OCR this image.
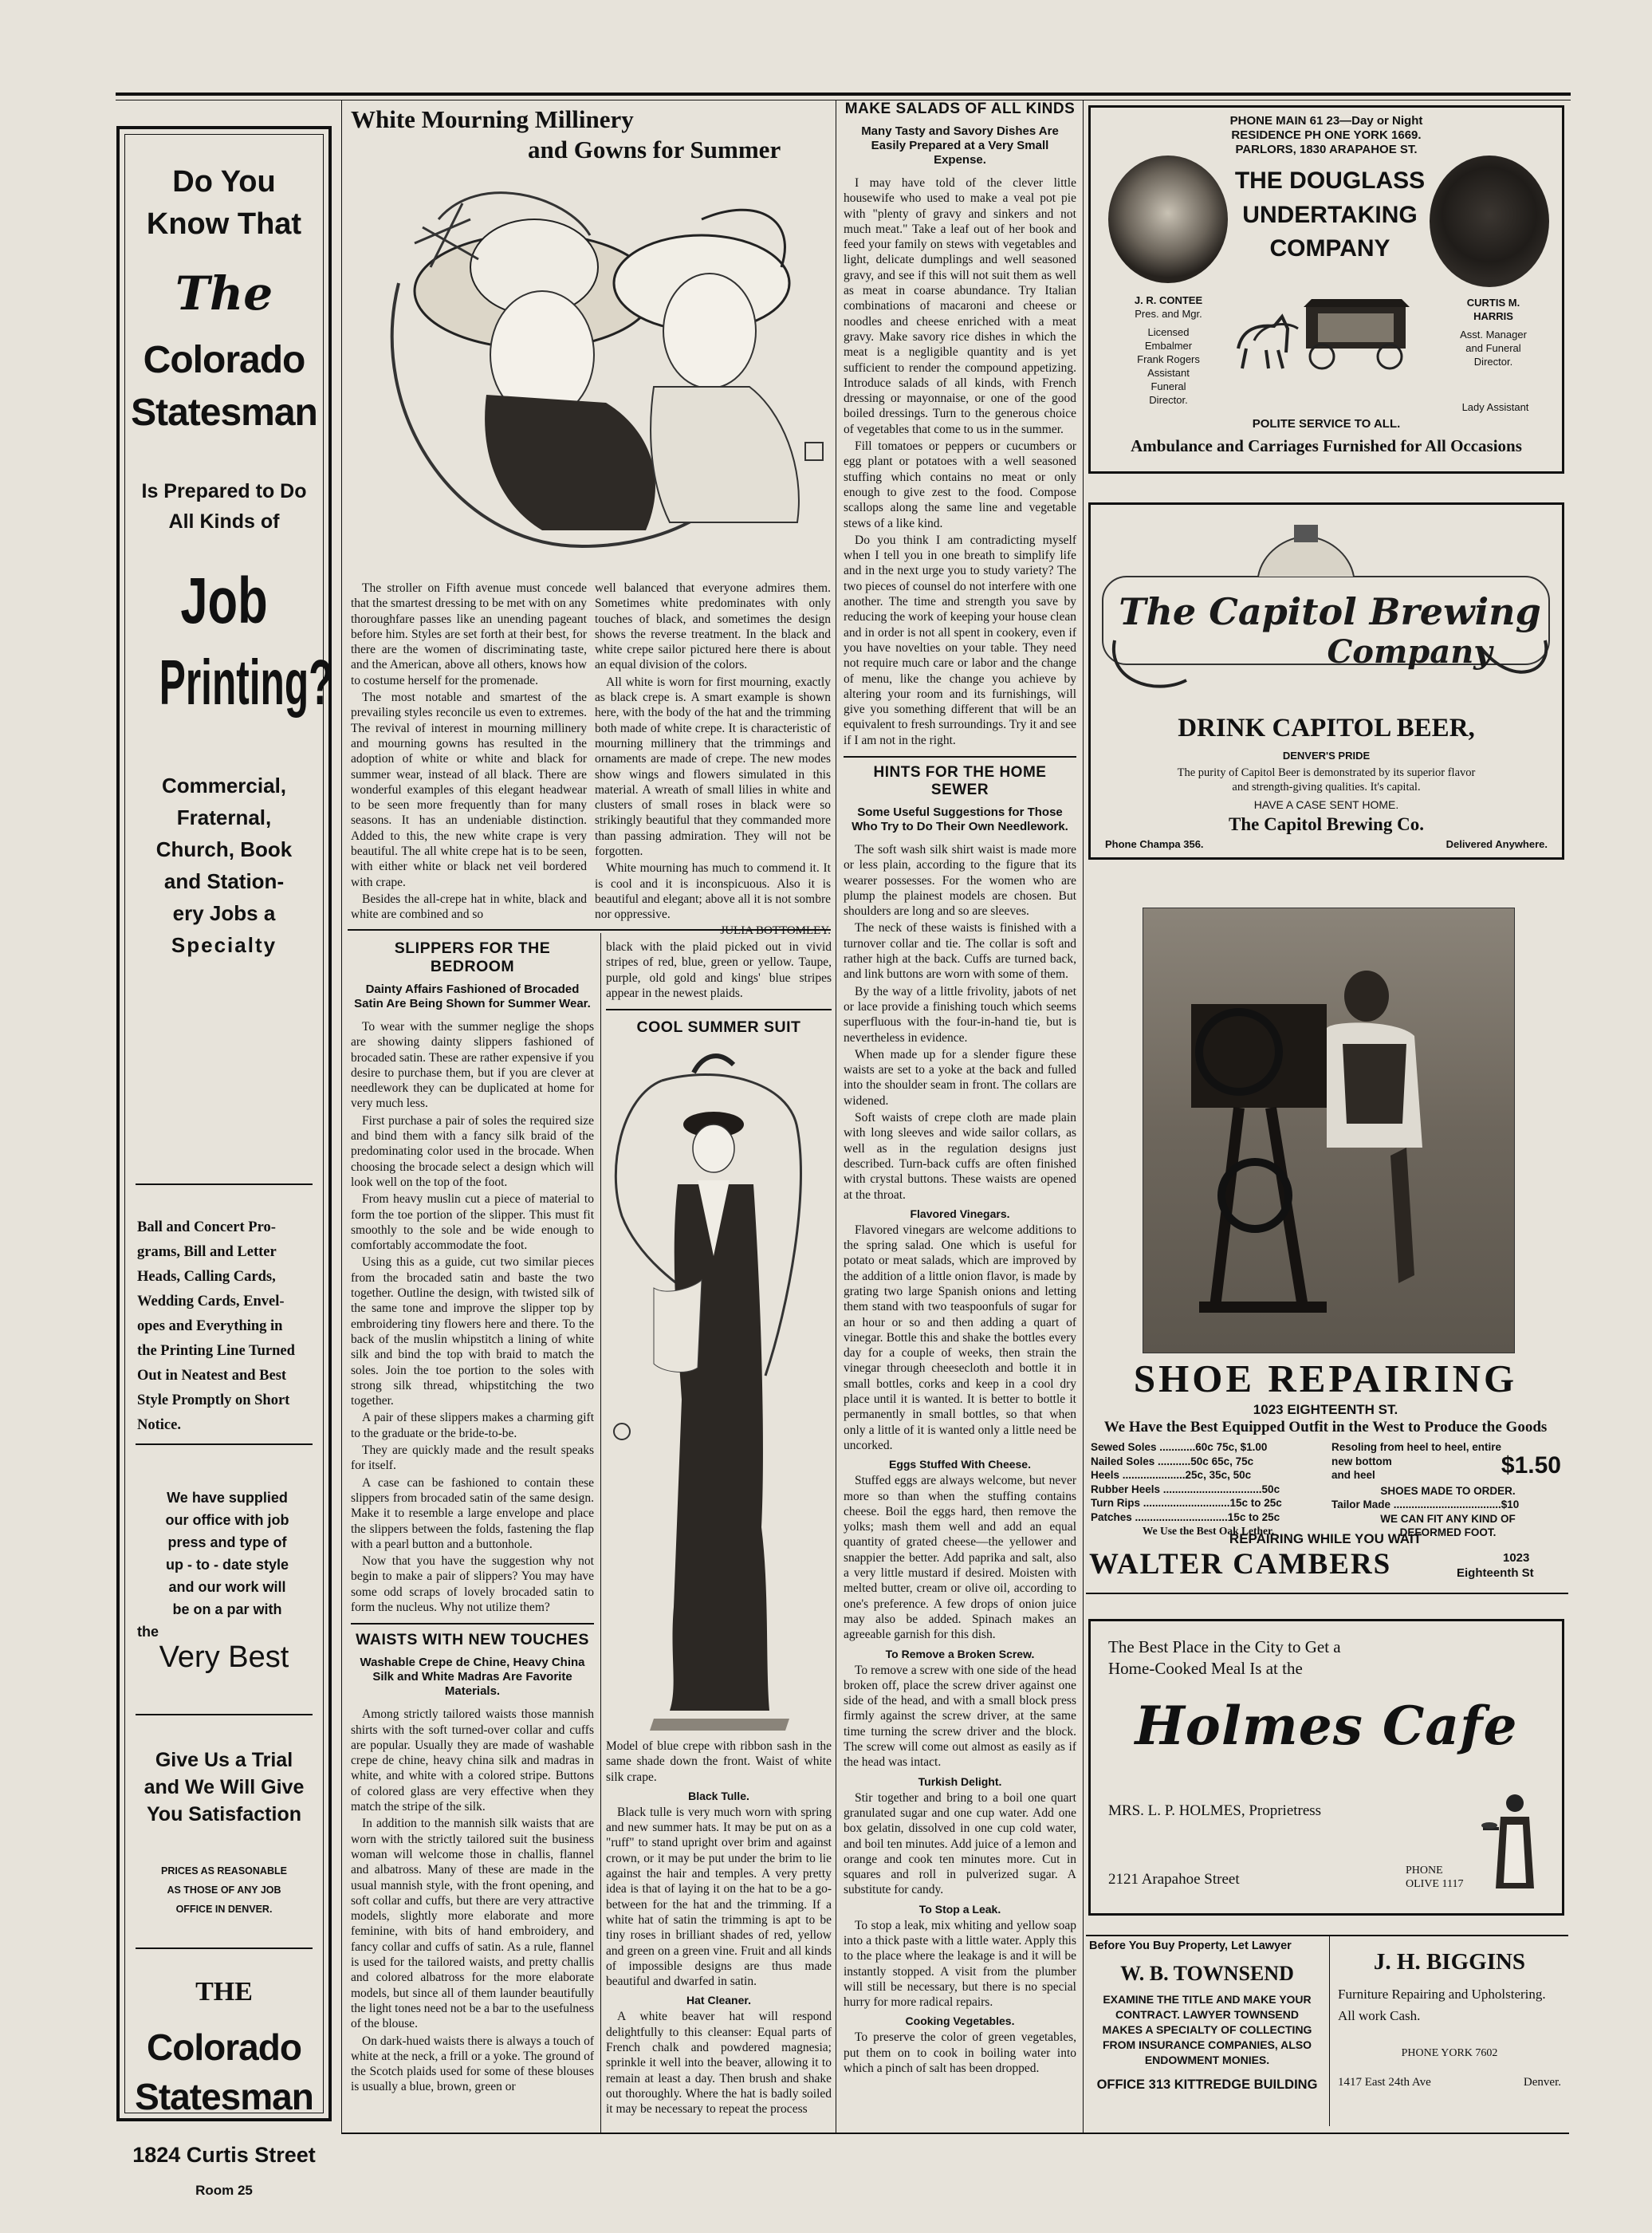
Do You
Know That
The
Colorado
Statesman
Is Prepared to Do
All Kinds of
Job
Printing?
Commercial,
Fraternal,
Church, Book
and Station-
ery Jobs a
Specialty
Ball and Concert Pro-
grams, Bill and Letter
Heads, Calling Cards,
Wedding Cards, Envel-
opes and Everything in
the Printing Line Turned
Out in Neatest and Best
Style Promptly on Short
Notice.
We have supplied
our office with job
press and type of
up - to - date style
and our work will
be on a par with
the
Very Best
Give Us a Trial
and We Will Give
You Satisfaction
PRICES AS REASONABLE
AS THOSE OF ANY JOB
OFFICE IN DENVER.
THE
Colorado
Statesman
1824 Curtis Street
Room 25
White Mourning Millinery
and Gowns for Summer

The stroller on Fifth avenue must concede that the smartest dressing to be met with on any thoroughfare passes like an unending pageant before him. Styles are set forth at their best, for there are the women of discriminating taste, and the American, above all others, knows how to costume herself for the promenade.

The most notable and smartest of the prevailing styles reconcile us even to extremes. The revival of interest in mourning millinery and mourning gowns has resulted in the adoption of white or white and black for summer wear, instead of all black. There are wonderful examples of this elegant headwear to be seen more frequently than for many seasons. It has an undeniable distinction. Added to this, the new white crape is very beautiful. The all white crepe hat is to be seen, with either white or black net veil bordered with crape.

Besides the all-crepe hat in white, black and white are combined and so

well balanced that everyone admires them. Sometimes white predominates with only touches of black, and sometimes the design shows the reverse treatment. In the black and white crepe sailor pictured here there is about an equal division of the colors.

All white is worn for first mourning, exactly as black crepe is. A smart example is shown here, with the body of the hat and the trimming both made of white crepe. It is characteristic of mourning millinery that the trimmings and ornaments are made of crepe. The new modes show wings and flowers simulated in this material. A wreath of small lilies in white and clusters of small roses in black were so strikingly beautiful that they commanded more than passing admiration. They will not be forgotten.

White mourning has much to commend it. It is cool and it is inconspicuous. Also it is beautiful and elegant; above all it is not sombre nor oppressive.

SLIPPERS FOR THE BEDROOM
Dainty Affairs Fashioned of Brocaded Satin Are Being Shown for Summer Wear.

To wear with the summer neglige the shops are showing dainty slippers fashioned of brocaded satin. These are rather expensive if you desire to purchase them, but if you are clever at needlework they can be duplicated at home for very much less.

First purchase a pair of soles the required size and bind them with a fancy silk braid of the predominating color used in the brocade. When choosing the brocade select a design which will look well on the top of the foot.

From heavy muslin cut a piece of material to form the toe portion of the slipper. This must fit smoothly to the sole and be wide enough to comfortably accommodate the foot.

Using this as a guide, cut two similar pieces from the brocaded satin and baste the two together. Outline the design, with twisted silk of the same tone and improve the slipper top by embroidering tiny flowers here and there. To the back of the muslin whipstitch a lining of white silk and bind the top with braid to match the soles. Join the toe portion to the soles with strong silk thread, whipstitching the two together.

A pair of these slippers makes a charming gift to the graduate or the bride-to-be.

They are quickly made and the result speaks for itself.

A case can be fashioned to contain these slippers from brocaded satin of the same design. Make it to resemble a large envelope and place the slippers between the folds, fastening the flap with a pearl button and a buttonhole.

Now that you have the suggestion why not begin to make a pair of slippers? You may have some odd scraps of lovely brocaded satin to form the nucleus. Why not utilize them?

WAISTS WITH NEW TOUCHES
Washable Crepe de Chine, Heavy China Silk and White Madras Are Favorite Materials.

Among strictly tailored waists those mannish shirts with the soft turned-over collar and cuffs are popular. Usually they are made of washable crepe de chine, heavy china silk and madras in white, and white with a colored stripe. Buttons of colored glass are very effective when they match the stripe of the silk.

In addition to the mannish silk waists that are worn with the strictly tailored suit the business woman will welcome those in challis, flannel and albatross. Many of these are made in the usual mannish style, with the front opening, and soft collar and cuffs, but there are very attractive models, slightly more elaborate and more feminine, with bits of hand embroidery, and fancy collar and cuffs of satin. As a rule, flannel is used for the tailored waists, and pretty challis and colored albatross for the more elaborate models, but since all of them launder beautifully the light tones need not be a bar to the usefulness of the blouse.

On dark-hued waists there is always a touch of white at the neck, a frill or a yoke. The ground of the Scotch plaids used for some of these blouses is usually a blue, brown, green or

black with the plaid picked out in vivid stripes of red, blue, green or yellow. Taupe, purple, old gold and kings' blue stripes appear in the newest plaids.

COOL SUMMER SUIT

Model of blue crepe with ribbon sash in the same shade down the front. Waist of white silk crape.

Black Tulle.

Black tulle is very much worn with spring and new summer hats. It may be put on as a "ruff" to stand upright over brim and against crown, or it may be put under the brim to lie against the hair and temples. A very pretty idea is that of laying it on the hat to be a go-between for the hat and the trimming. If a white hat of satin the trimming is apt to be tiny roses in brilliant shades of red, yellow and green on a green vine. Fruit and all kinds of impossible designs are thus made beautiful and dwarfed in satin.

Hat Cleaner.

A white beaver hat will respond delightfully to this cleanser: Equal parts of French chalk and powdered magnesia; sprinkle it well into the beaver, allowing it to remain at least a day. Then brush and shake out thoroughly. Where the hat is badly soiled it may be necessary to repeat the process

MAKE SALADS OF ALL KINDS
Many Tasty and Savory Dishes Are Easily Prepared at a Very Small Expense.

I may have told of the clever little housewife who used to make a veal pot pie with "plenty of gravy and sinkers and not much meat." Take a leaf out of her book and feed your family on stews with vegetables and light, delicate dumplings and well seasoned gravy, and see if this will not suit them as well as meat in coarse abundance. Try Italian combinations of macaroni and cheese or noodles and cheese enriched with a meat gravy. Make savory rice dishes in which the meat is a negligible quantity and is yet sufficient to render the compound appetizing. Introduce salads of all kinds, with French dressing or mayonnaise, or one of the good boiled dressings. Turn to the generous choice of vegetables that come to us in the summer.

Fill tomatoes or peppers or cucumbers or egg plant or potatoes with a well seasoned stuffing which contains no meat or only enough to give zest to the food. Compose scallops along the same line and vegetable stews of a like kind.

Do you think I am contradicting myself when I tell you in one breath to simplify life and in the next urge you to study variety? The two pieces of counsel do not interfere with one another. The time and strength you save by reducing the work of keeping your house clean and in order is not all spent in cookery, even if you have novelties on your table. They need not require much care or labor and the change of menu, like the change you achieve by altering your room and its furnishings, will give you something different that will be an equivalent to fresh surroundings. Try it and see if I am not in the right.

HINTS FOR THE HOME SEWER
Some Useful Suggestions for Those Who Try to Do Their Own Needlework.

The soft wash silk shirt waist is made more or less plain, according to the figure that its wearer possesses. For the women who are plump the plainest models are chosen. But shoulders are long and so are sleeves.

The neck of these waists is finished with a turnover collar and tie. The collar is soft and rather high at the back. Cuffs are turned back, and link buttons are worn with some of them.

By the way of a little frivolity, jabots of net or lace provide a finishing touch which seems superfluous with the four-in-hand tie, but is nevertheless in evidence.

When made up for a slender figure these waists are set to a yoke at the back and fulled into the shoulder seam in front. The collars are widened.

Soft waists of crepe cloth are made plain with long sleeves and wide sailor collars, as well as in the regulation designs just described. Turn-back cuffs are often finished with crystal buttons. These waists are opened at the throat.

Flavored Vinegars.

Flavored vinegars are welcome additions to the spring salad. One which is useful for potato or meat salads, which are improved by the addition of a little onion flavor, is made by grating two large Spanish onions and letting them stand with two teaspoonfuls of sugar for an hour or so and then adding a quart of vinegar. Bottle this and shake the bottles every day for a couple of weeks, then strain the vinegar through cheesecloth and bottle it in small bottles, corks and keep in a cool dry place until it is wanted. It is better to bottle it permanently in small bottles, so that when only a little of it is wanted only a little need be uncorked.

Eggs Stuffed With Cheese.

Stuffed eggs are always welcome, but never more so than when the stuffing contains cheese. Boil the eggs hard, then remove the yolks; mash them well and add an equal quantity of grated cheese—the yellower and snappier the better. Add paprika and salt, also a very little mustard if desired. Moisten with melted butter, cream or olive oil, according to one's preference. A few drops of onion juice may also be added. Spinach makes an agreeable garnish for this dish.

To Remove a Broken Screw.

To remove a screw with one side of the head broken off, place the screw driver against one side of the head, and with a small block press firmly against the screw driver, at the same time turning the screw driver and the block. The screw will come out almost as easily as if the head was intact.

Turkish Delight.

Stir together and bring to a boil one quart granulated sugar and one cup water. Add one box gelatin, dissolved in one cup cold water, and boil ten minutes. Add juice of a lemon and orange and cook ten minutes more. Cut in squares and roll in pulverized sugar. A substitute for candy.

To Stop a Leak.

To stop a leak, mix whiting and yellow soap into a thick paste with a little water. Apply this to the place where the leakage is and it will be instantly stopped. A visit from the plumber will still be necessary, but there is no special hurry for more radical repairs.

Cooking Vegetables.

To preserve the color of green vegetables, put them on to cook in boiling water into which a pinch of salt has been dropped.

PHONE MAIN 61 23—Day or Night
RESIDENCE PH ONE YORK 1669.
PARLORS, 1830 ARAPAHOE ST.
THE DOUGLASS
UNDERTAKING
COMPANY
J. R. CONTEE
Pres. and Mgr.
Licensed
Embalmer
Frank Rogers
Assistant
Funeral
Director.
CURTIS M.
HARRIS
Asst. Manager
and Funeral
Director.
Lady Assistant
POLITE SERVICE TO ALL.
Ambulance and Carriages Furnished for All Occasions
The Capitol Brewing
Company
DRINK CAPITOL BEER,
DENVER'S PRIDE
The purity of Capitol Beer is demonstrated by its superior flavor
and strength-giving qualities. It's capital.
HAVE A CASE SENT HOME.
The Capitol Brewing Co.
Phone Champa 356.	Delivered Anywhere.
SHOE REPAIRING
1023 EIGHTEENTH ST.
We Have the Best Equipped Outfit in the West to Produce the Goods
Sewed Soles ............60c 75c, $1.00
Nailed Soles ...........50c 65c, 75c
Heels .....................25c, 35c, 50c
Rubber Heels .................................50c
Turn Rips .............................15c to 25c
Patches ...............................15c to 25c
We Use the Best Oak Lether.
Resoling from heel to heel, entire
new bottom
and heel	$1.50
SHOES MADE TO ORDER.
Tailor Made ....................................$10
WE CAN FIT ANY KIND OF
DEFORMED FOOT.
REPAIRING WHILE YOU WAIT
WALTER CAMBERS	1023
Eighteenth St
The Best Place in the City to Get a
Home-Cooked Meal Is at the
Holmes Cafe
MRS. L. P. HOLMES, Proprietress
2121 Arapahoe Street
PHONE
OLIVE 1117
Before You Buy Property, Let Lawyer
W. B. TOWNSEND
EXAMINE THE TITLE AND MAKE YOUR CONTRACT. LAWYER TOWNSEND MAKES A SPECIALTY OF COLLECTING FROM INSURANCE COMPANIES, ALSO ENDOWMENT MONIES.
OFFICE 313 KITTREDGE BUILDING
J. H. BIGGINS
Furniture Repairing and Upholstering. All work Cash.
PHONE YORK 7602
1417 East 24th Ave	Denver.
